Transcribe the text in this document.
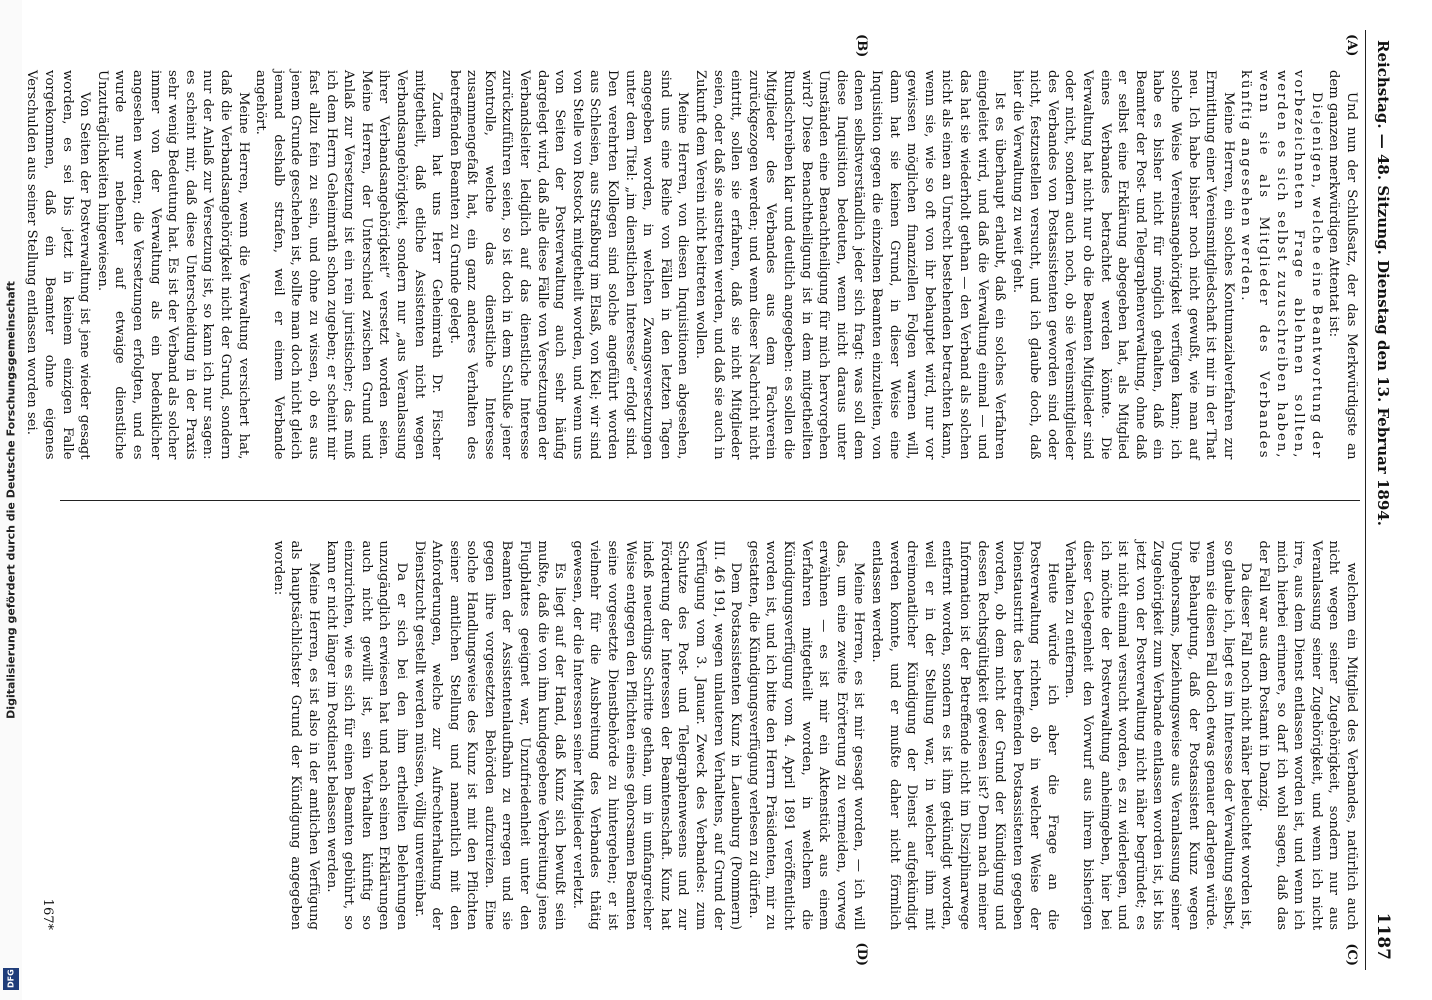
Digitalisierung gefördert durch die Deutsche Forschungsgemeinschaft
DFG
Reichstag. — 48. Sitzung. Dienstag den 13. Februar 1894.
1187
(A)
(B)

Und nun der Schlußsatz, der das Merkwürdigste an dem ganzen merkwürdigen Attentat ist:

Diejenigen, welche eine Beantwortung der vorbezeichneten Frage ablehnen sollten, werden es sich selbst zuzuschreiben haben, wenn sie als Mitglieder des Verbandes künftig angesehen werden.

Meine Herren, ein solches Kontumazialverfahren zur Ermittlung einer Vereinsmitgliedschaft ist mir in der That neu. Ich habe bisher noch nicht gewußt, wie man auf solche Weise Vereinsangehörigkeit verfügen kann; ich habe es bisher nicht für möglich gehalten, daß ein Beamter der Post- und Telegraphenverwaltung, ohne daß er selbst eine Erklärung abgegeben hat, als Mitglied eines Verbandes betrachtet werden könnte. Die Verwaltung hat nicht nur ob die Beamten Mitglieder sind oder nicht, sondern auch noch, ob sie Vereinsmitglieder des Verbandes von Postassistenten geworden sind oder nicht, festzustellen versucht, und ich glaube doch, daß hier die Verwaltung zu weit geht.

Ist es überhaupt erlaubt, daß ein solches Verfahren eingeleitet wird, und daß die Verwaltung einmal — und das hat sie wiederholt gethan — den Verband als solchen nicht als einen an Unrecht bestehenden betrachten kann, wenn sie, wie so oft von ihr behauptet wird, nur vor gewissen möglichen finanziellen Folgen warnen will, dann hat sie keinen Grund, in dieser Weise eine Inquisition gegen die einzelnen Beamten einzuleiten, von denen selbstverständlich jeder sich fragt: was soll dem diese Inquisition bedeuten, wenn nicht daraus unter Umständen eine Benachtheiligung für mich hervorgehen wird? Diese Benachtheiligung ist in dem mitgetheilten Rundschreiben klar und deutlich angegeben: es sollen die Mitglieder des Verbandes aus dem Fachverein zurückgezogen werden; und wenn dieser Nachricht nicht eintritt, sollen sie erfahren, daß sie nicht Mitglieder seien, oder daß sie austreten werden, und daß sie auch in Zukunft dem Verein nicht beitreten wollen.

Meine Herren, von diesen Inquisitionen abgesehen, sind uns eine Reihe von Fällen in den letzten Tagen angegeben worden, in welchen Zwangsversetzungen unter dem Titel: „im dienstlichen Interesse“ erfolgt sind. Den verehrten Kollegen sind solche angeführt worden aus Schlesien, aus Straßburg im Elsaß, von Kiel; wir sind von Stelle von Rostock mitgetheilt worden, und wenn uns von Seiten der Postverwaltung auch sehr häufig dargelegt wird, daß alle diese Fälle von Versetzungen der Verbandsleiter lediglich auf das dienstliche Interesse zurückzuführen seien, so ist doch in dem Schluße jener Kontrolle, welche das dienstliche Interesse zusammengefaßt hat, ein ganz anderes Verhalten des betreffenden Beamten zu Grunde gelegt.

Zudem hat uns Herr Geheimrath Dr. Fischer mitgetheilt, daß etliche Assistenten nicht wegen Verbandsangehörigkeit, sondern nur „aus Veranlassung ihrer Verbandsangehörigkeit“ versetzt worden seien. Meine Herren, der Unterschied zwischen Grund und Anlaß zur Versetzung ist ein rein juristischer; das muß ich dem Herrn Geheimrath schon zugeben; er scheint mir fast allzu fein zu sein, und ohne zu wissen, ob es aus jenem Grunde geschehen ist, sollte man doch nicht gleich jemand deshalb strafen, weil er einem Verbande angehört.

Meine Herren, wenn die Verwaltung versichert hat, daß die Verbandsangehörigkeit nicht der Grund, sondern nur der Anlaß zur Versetzung ist, so kann ich nur sagen: es scheint mir, daß diese Unterscheidung in der Praxis sehr wenig Bedeutung hat. Es ist der Verband als solcher immer von der Verwaltung als ein bedenklicher angesehen worden; die Versetzungen erfolgten, und es wurde nur nebenher auf etwaige dienstliche Unzuträglichkeiten hingewiesen.

Von Seiten der Postverwaltung ist jene wieder gesagt worden, es sei bis jetzt in keinem einzigen Falle vorgekommen, daß ein Beamter ohne eigenes Verschulden aus seiner Stellung entlassen worden sei.

(C)
(D)

welchem ein Mitglied des Verbandes, natürlich auch nicht wegen seiner Zugehörigkeit, sondern nur aus Veranlassung seiner Zugehörigkeit, und wenn ich nicht irre, aus dem Dienst entlassen worden ist, und wenn ich mich hierbei erinnere, so darf ich wohl sagen, daß das der Fall war aus dem Postamt in Danzig.

Da dieser Fall noch nicht näher beleuchtet worden ist, so glaube ich, liegt es im Interesse der Verwaltung selbst, wenn sie diesen Fall doch etwas genauer darlegen würde. Die Behauptung, daß der Postassistent Kunz wegen Ungehorsams, beziehungsweise aus Veranlassung seiner Zugehörigkeit zum Verbande entlassen worden ist, ist bis jetzt von der Postverwaltung nicht näher begründet; es ist nicht einmal versucht worden, es zu widerlegen, und ich möchte der Postverwaltung anheimgeben, hier bei dieser Gelegenheit den Vorwurf aus ihrem bisherigen Verhalten zu entfernen.

Heute würde ich aber die Frage an die Postverwaltung richten, ob in welcher Weise der Dienstaustritt des betreffenden Postassistenten gegeben worden, ob dem nicht der Grund der Kündigung und dessen Rechtsgültigkeit gewiesen ist? Denn nach meiner Information ist der Betreffende nicht im Disziplinarwege entfernt worden, sondern es ist ihm gekündigt worden, weil er in der Stellung war, in welcher ihm mit dreimonatlicher Kündigung der Dienst aufgekündigt werden konnte, und er mußte daher nicht förmlich entlassen werden.

Meine Herren, es ist mir gesagt worden, — ich will das, um eine zweite Erörterung zu vermeiden, vorweg erwähnen — es ist mir ein Aktenstück aus einem Verfahren mitgetheilt worden, in welchem die Kündigungsverfügung vom 4. April 1891 veröffentlicht worden ist, und ich bitte den Herrn Präsidenten, mir zu gestatten, die Kündigungsverfügung verlesen zu dürfen.

Dem Postassistenten Kunz in Lauenburg (Pommern) III. 46 191, wegen unlauteren Verhaltens, auf Grund der Verfügung vom 3. Januar. Zweck des Verbandes: zum Schutze des Post- und Telegraphenwesens und zur Förderung der Interessen der Beamtenschaft. Kunz hat indeß neuerdings Schritte gethan, um in umfangreicher Weise entgegen den Pflichten eines gehorsamen Beamten seine vorgesetzte Dienstbehörde zu hintergehen; er ist vielmehr für die Ausbreitung des Verbandes thätig gewesen, der die Interessen seiner Mitglieder verletzt.

Es liegt auf der Hand, daß Kunz sich bewußt sein mußte, daß die von ihm kundgegebene Verbreitung jenes Flugblattes geeignet war, Unzufriedenheit unter den Beamten der Assistentenlaufbahn zu erregen und sie gegen ihre vorgesetzten Behörden aufzureizen. Eine solche Handlungsweise des Kunz ist mit den Pflichten seiner amtlichen Stellung und namentlich mit den Anforderungen, welche zur Aufrechterhaltung der Dienstzucht gestellt werden müssen, völlig unvereinbar.

Da er sich bei den ihm ertheilten Belehrungen unzugänglich erwiesen hat und nach seinen Erklärungen auch nicht gewillt ist, sein Verhalten künftig so einzurichten, wie es sich für einen Beamten gebührt, so kann er nicht länger im Postdienst belassen werden.

Meine Herren, es ist also in der amtlichen Verfügung als hauptsächlichster Grund der Kündigung angegeben worden:

167*
